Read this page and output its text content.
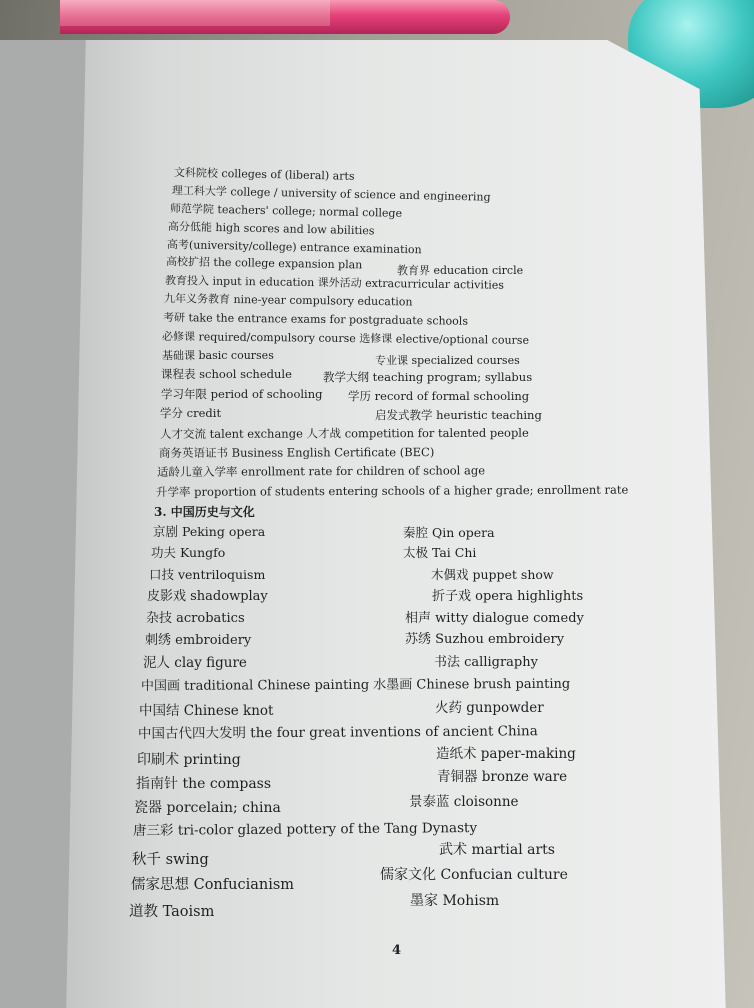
文科院校 colleges of (liberal) arts
理工科大学 college / university of science and engineering
师范学院 teachers' college; normal college
高分低能 high scores and low abilities
高考(university/college) entrance examination
高校扩招 the college expansion plan
教育投入 input in education 课外活动 extracurricular activities
九年义务教育 nine-year compulsory education
考研 take the entrance exams for postgraduate schools
必修课 required/compulsory course 选修课 elective/optional course
基础课 basic courses
课程表 school schedule
学习年限 period of schooling
学分 credit
人才交流 talent exchange 人才战 competition for talented people
商务英语证书 Business English Certificate (BEC)
适龄儿童入学率 enrollment rate for children of school age
升学率 proportion of students entering schools of a higher grade; enrollment rate
3. 中国历史与文化
京剧 Peking opera
功夫 Kungfo
口技 ventriloquism
皮影戏 shadowplay
杂技 acrobatics
刺绣 embroidery
泥人 clay figure
中国画 traditional Chinese painting 水墨画 Chinese brush painting
中国结 Chinese knot
中国古代四大发明 the four great inventions of ancient China
印刷术 printing
指南针 the compass
瓷器 porcelain; china
唐三彩 tri-color glazed pottery of the Tang Dynasty
秋千 swing
儒家思想 Confucianism
道教 Taoism
教育界 education circle
专业课 specialized courses
教学大纲 teaching program; syllabus
学历 record of formal schooling
启发式教学 heuristic teaching
秦腔 Qin opera
太极 Tai Chi
木偶戏 puppet show
折子戏 opera highlights
相声 witty dialogue comedy
苏绣 Suzhou embroidery
书法 calligraphy
火药 gunpowder
造纸术 paper-making
青铜器 bronze ware
景泰蓝 cloisonne
武术 martial arts
儒家文化 Confucian culture
墨家 Mohism
4
